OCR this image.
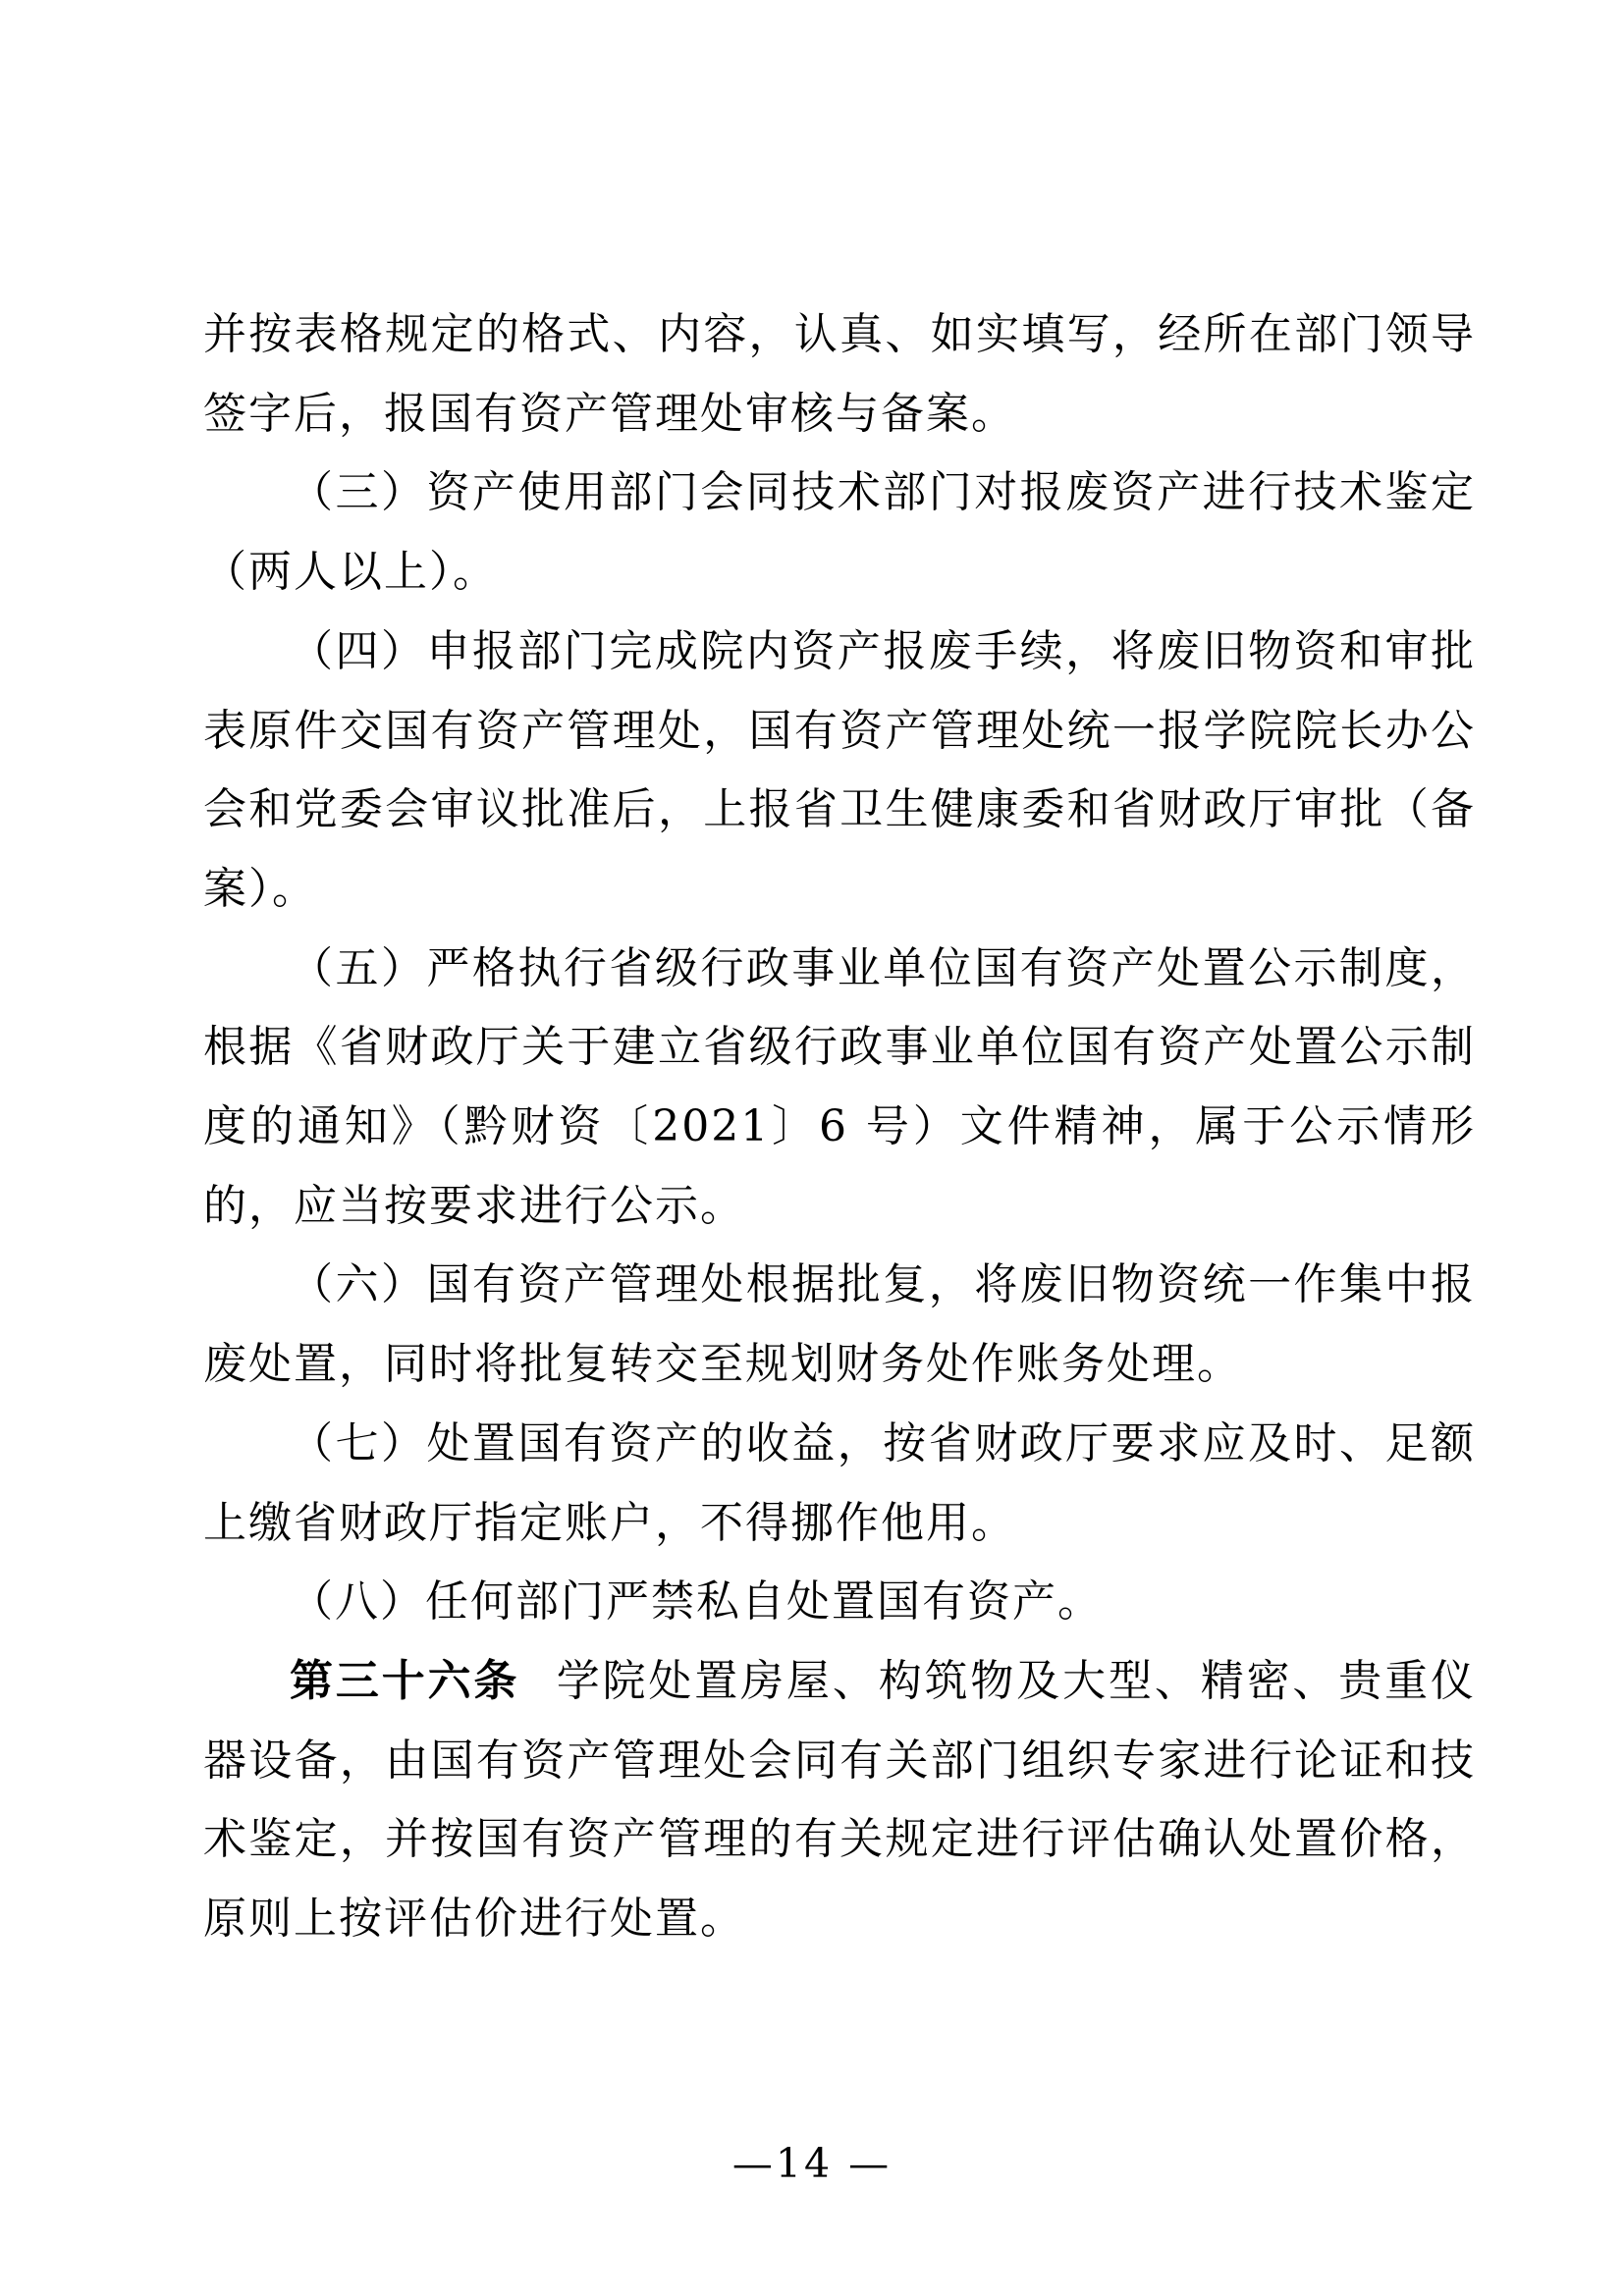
并按表格规定的格式、内容，认真、如实填写，经所在部门领导签字后，报国有资产管理处审核与备案。

（三）资产使用部门会同技术部门对报废资产进行技术鉴定（两人以上）。

（四）申报部门完成院内资产报废手续，将废旧物资和审批表原件交国有资产管理处，国有资产管理处统一报学院院长办公会和党委会审议批准后，上报省卫生健康委和省财政厅审批（备案）。

（五）严格执行省级行政事业单位国有资产处置公示制度，根据《省财政厅关于建立省级行政事业单位国有资产处置公示制度的通知》（黔财资〔2021〕6 号）文件精神，属于公示情形的，应当按要求进行公示。

（六）国有资产管理处根据批复，将废旧物资统一作集中报废处置，同时将批复转交至规划财务处作账务处理。

（七）处置国有资产的收益，按省财政厅要求应及时、足额上缴省财政厅指定账户，不得挪作他用。

（八）任何部门严禁私自处置国有资产。

第三十六条 学院处置房屋、构筑物及大型、精密、贵重仪器设备，由国有资产管理处会同有关部门组织专家进行论证和技术鉴定，并按国有资产管理的有关规定进行评估确认处置价格，原则上按评估价进行处置。

—14 —
